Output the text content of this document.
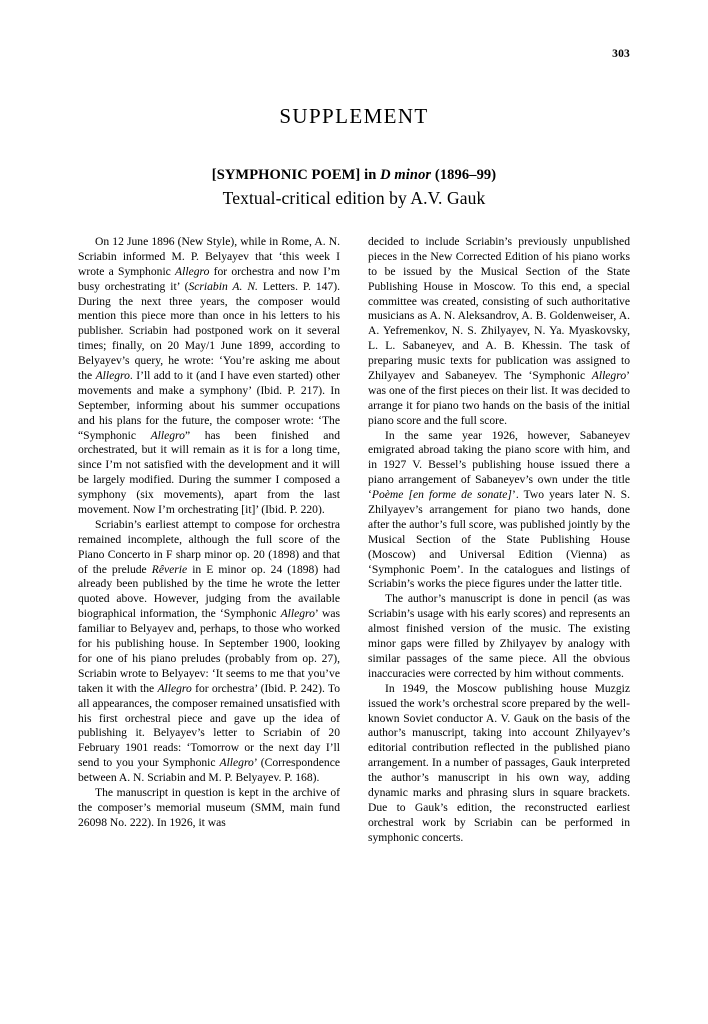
303
SUPPLEMENT
[SYMPHONIC POEM] in D minor (1896–99)
Textual-critical edition by A.V. Gauk

On 12 June 1896 (New Style), while in Rome, A. N. Scriabin informed M. P. Belyayev that ‘this week I wrote a Symphonic Allegro for orchestra and now I’m busy orchestrating it’ (Scriabin A. N. Letters. P. 147). During the next three years, the composer would mention this piece more than once in his letters to his publisher. Scriabin had postponed work on it several times; finally, on 20 May/1 June 1899, according to Belyayev’s query, he wrote: ‘You’re asking me about the Allegro. I’ll add to it (and I have even started) other movements and make a symphony’ (Ibid. P. 217). In September, informing about his summer occupations and his plans for the future, the composer wrote: ‘The “Symphonic Allegro” has been finished and orchestrated, but it will remain as it is for a long time, since I’m not satisfied with the development and it will be largely modified. During the summer I composed a symphony (six movements), apart from the last movement. Now I’m orchestrating [it]’ (Ibid. P. 220).

Scriabin’s earliest attempt to compose for orchestra remained incomplete, although the full score of the Piano Concerto in F sharp minor op. 20 (1898) and that of the prelude Rêverie in E minor op. 24 (1898) had already been published by the time he wrote the letter quoted above. However, judging from the available biographical information, the ‘Symphonic Allegro’ was familiar to Belyayev and, perhaps, to those who worked for his publishing house. In September 1900, looking for one of his piano preludes (probably from op. 27), Scriabin wrote to Belyayev: ‘It seems to me that you’ve taken it with the Allegro for orchestra’ (Ibid. P. 242). To all appearances, the composer remained unsatisfied with his first orchestral piece and gave up the idea of publishing it. Belyayev’s letter to Scriabin of 20 February 1901 reads: ‘Tomorrow or the next day I’ll send to you your Symphonic Allegro’ (Correspondence between A. N. Scriabin and M. P. Belyayev. P. 168).

The manuscript in question is kept in the archive of the composer’s memorial museum (SMM, main fund 26098 No. 222). In 1926, it was

decided to include Scriabin’s previously unpublished pieces in the New Corrected Edition of his piano works to be issued by the Musical Section of the State Publishing House in Moscow. To this end, a special committee was created, consisting of such authoritative musicians as A. N. Aleksandrov, A. B. Goldenweiser, A. A. Yefremenkov, N. S. Zhilyayev, N. Ya. Myaskovsky, L. L. Sabaneyev, and A. B. Khessin. The task of preparing music texts for publication was assigned to Zhilyayev and Sabaneyev. The ‘Symphonic Allegro’ was one of the first pieces on their list. It was decided to arrange it for piano two hands on the basis of the initial piano score and the full score.

In the same year 1926, however, Sabaneyev emigrated abroad taking the piano score with him, and in 1927 V. Bessel’s publishing house issued there a piano arrangement of Sabaneyev’s own under the title ‘Poème [en forme de sonate]’. Two years later N. S. Zhilyayev’s arrangement for piano two hands, done after the author’s full score, was published jointly by the Musical Section of the State Publishing House (Moscow) and Universal Edition (Vienna) as ‘Symphonic Poem’. In the catalogues and listings of Scriabin’s works the piece figures under the latter title.

The author’s manuscript is done in pencil (as was Scriabin’s usage with his early scores) and represents an almost finished version of the music. The existing minor gaps were filled by Zhilyayev by analogy with similar passages of the same piece. All the obvious inaccuracies were corrected by him without comments.

In 1949, the Moscow publishing house Muzgiz issued the work’s orchestral score prepared by the well-known Soviet conductor A. V. Gauk on the basis of the author’s manuscript, taking into account Zhilyayev’s editorial contribution reflected in the published piano arrangement. In a number of passages, Gauk interpreted the author’s manuscript in his own way, adding dynamic marks and phrasing slurs in square brackets. Due to Gauk’s edition, the reconstructed earliest orchestral work by Scriabin can be performed in symphonic concerts.
